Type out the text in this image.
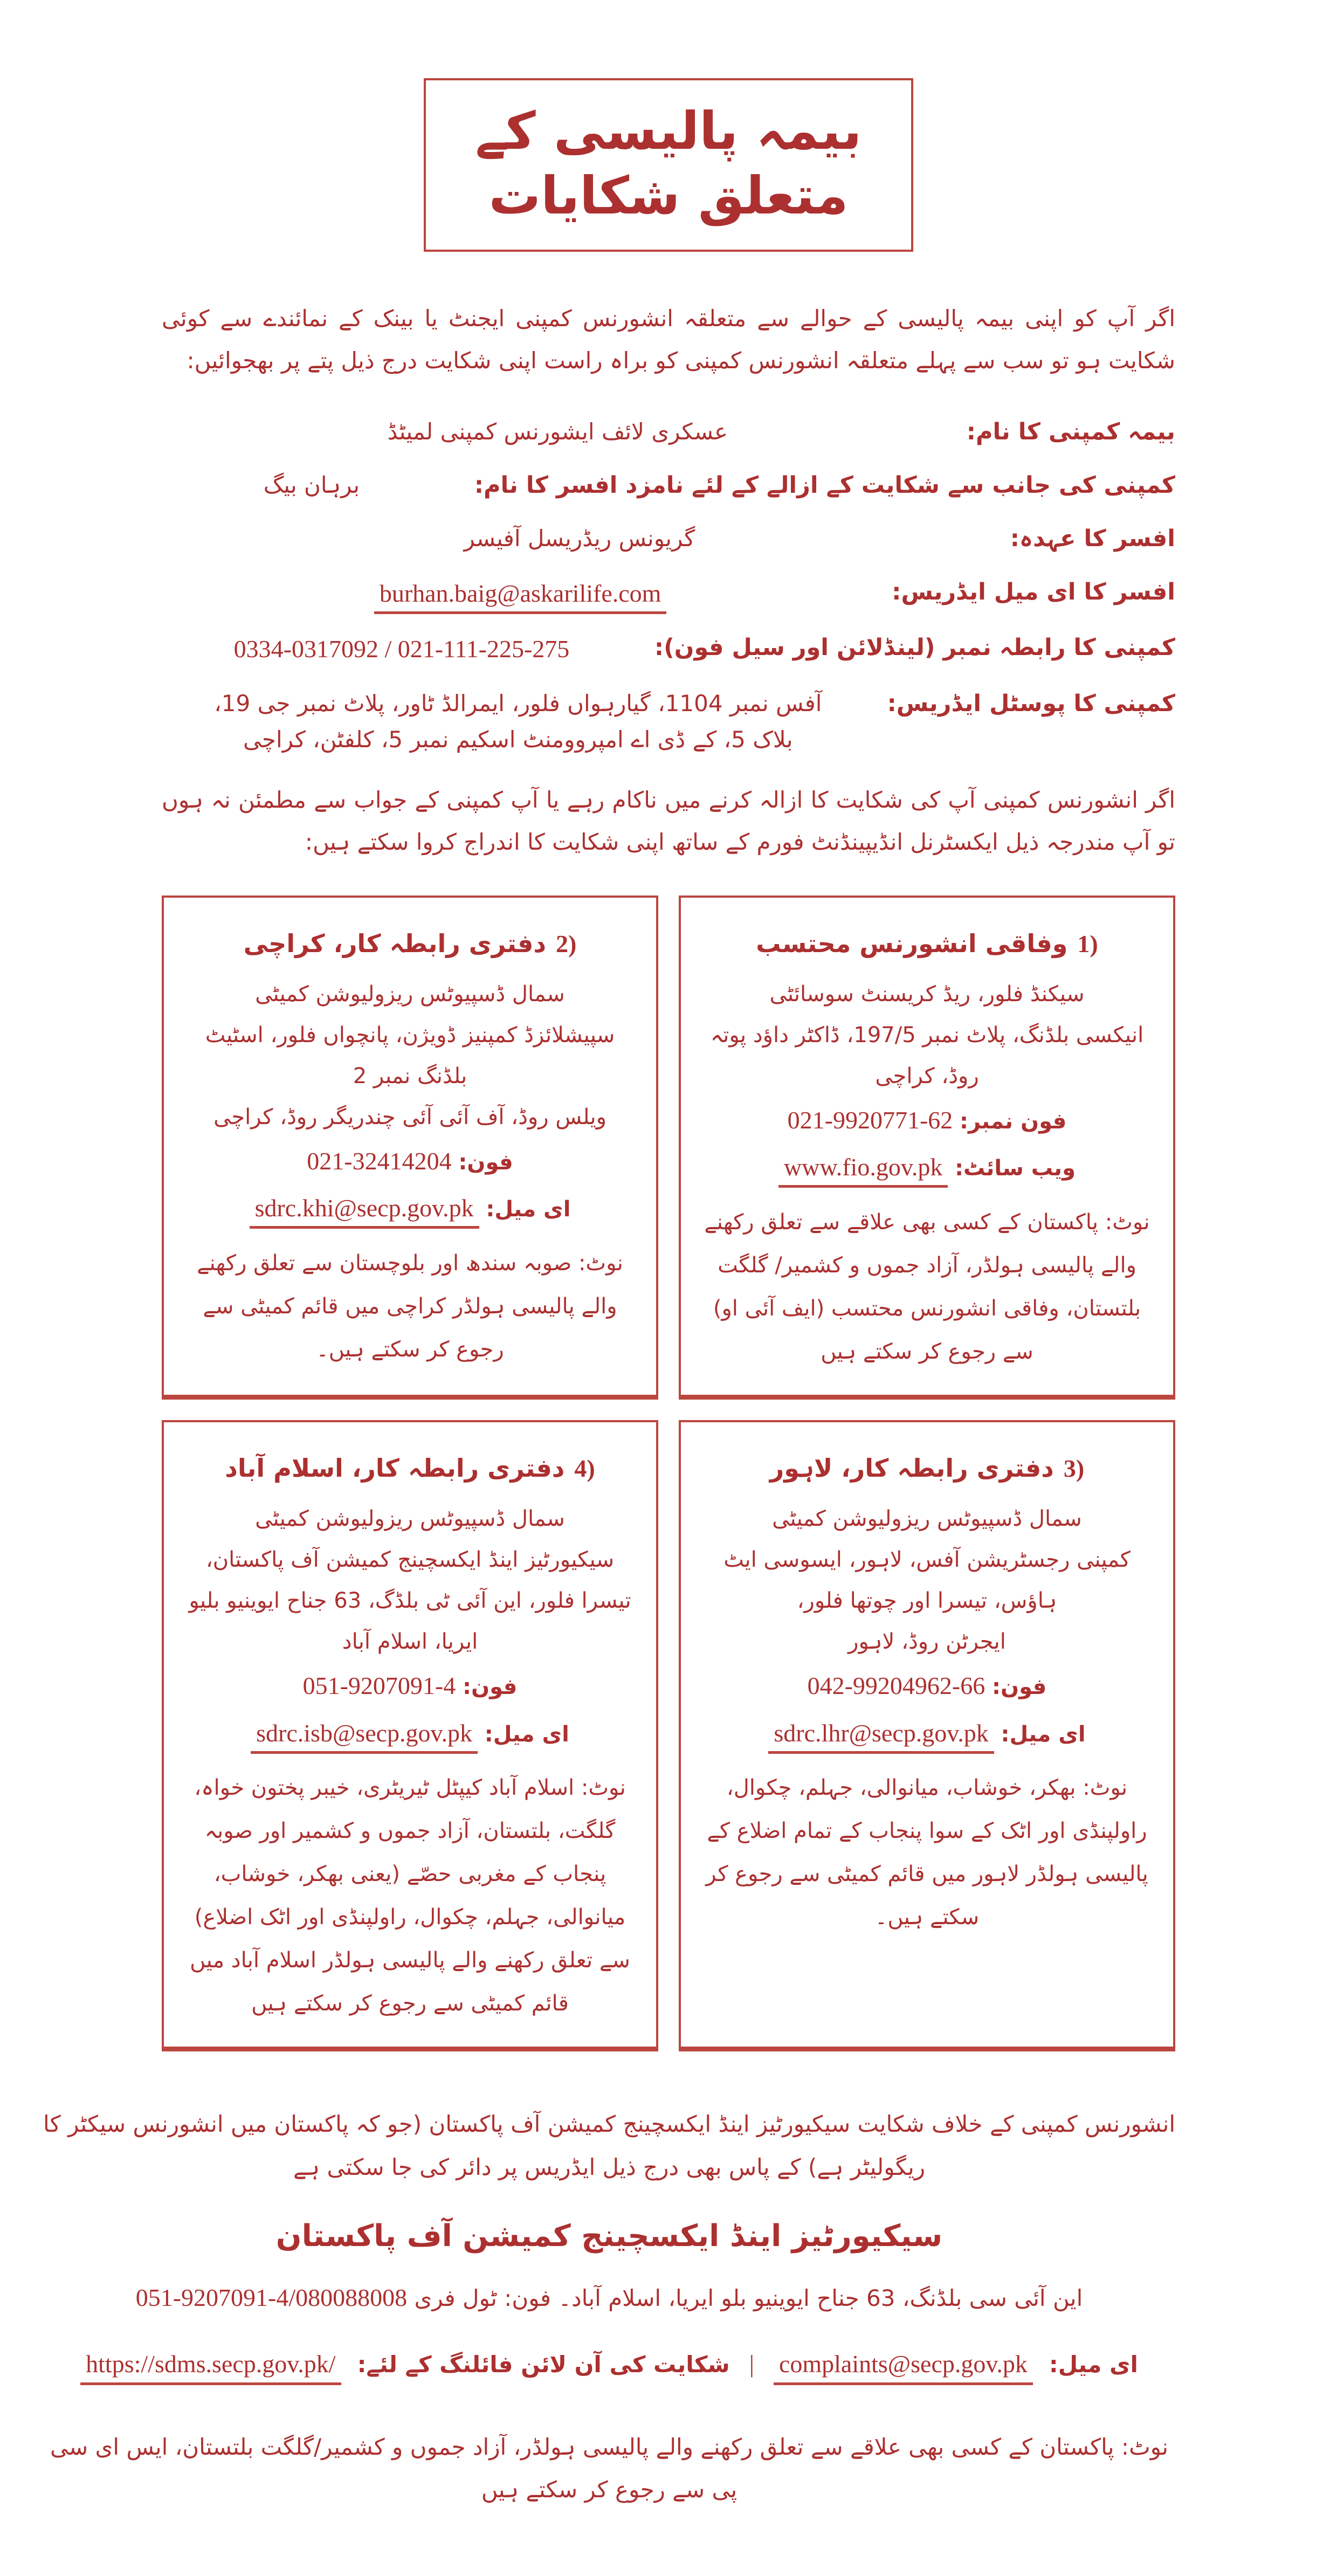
بیمہ پالیسی کے متعلق شکایات

اگر آپ کو اپنی بیمہ پالیسی کے حوالے سے متعلقہ انشورنس کمپنی ایجنٹ یا بینک کے نمائندے سے کوئی شکایت ہو تو سب سے پہلے متعلقہ انشورنس کمپنی کو براہ راست اپنی شکایت درج ذیل پتے پر بھجوائیں:

بیمہ کمپنی کا نام:
عسکری لائف ایشورنس کمپنی لمیٹڈ
کمپنی کی جانب سے شکایت کے ازالے کے لئے نامزد افسر کا نام:
برہان بیگ
افسر کا عہدہ:
گریونس ریڈریسل آفیسر
افسر کا ای میل ایڈریس:
burhan.baig@askarilife.com
کمپنی کا رابطہ نمبر (لینڈلائن اور سیل فون):
0334-0317092 / 021-111-225-275
کمپنی کا پوسٹل ایڈریس:
آفس نمبر 1104، گیارہواں فلور، ایمرالڈ ٹاور، پلاٹ نمبر جی 19،
بلاک 5، کے ڈی اے امپروومنٹ اسکیم نمبر 5، کلفٹن، کراچی

اگر انشورنس کمپنی آپ کی شکایت کا ازالہ کرنے میں ناکام رہے یا آپ کمپنی کے جواب سے مطمئن نہ ہوں تو آپ مندرجہ ذیل ایکسٹرنل انڈیپینڈنٹ فورم کے ساتھ اپنی شکایت کا اندراج کروا سکتے ہیں:

1)وفاقی انشورنس محتسب
سیکنڈ فلور، ریڈ کریسنٹ سوسائٹی
انیکسی بلڈنگ، پلاٹ نمبر 197/5، ڈاکٹر داؤد پوتہ روڈ، کراچی
فون نمبر: 021-9920771-62
ویب سائٹ: www.fio.gov.pk
نوٹ: پاکستان کے کسی بھی علاقے سے تعلق رکھنے والے پالیسی ہولڈر، آزاد جموں و کشمیر/ گلگت بلتستان، وفاقی انشورنس محتسب (ایف آئی او) سے رجوع کر سکتے ہیں
2)دفتری رابطہ کار، کراچی
سمال ڈسپیوٹس ریزولیوشن کمیٹی
سپیشلائزڈ کمپنیز ڈویژن، پانچواں فلور، اسٹیٹ بلڈنگ نمبر 2
ویلس روڈ، آف آئی آئی چندریگر روڈ، کراچی
فون: 021-32414204
ای میل: sdrc.khi@secp.gov.pk
نوٹ: صوبہ سندھ اور بلوچستان سے تعلق رکھنے والے پالیسی ہولڈر کراچی میں قائم کمیٹی سے رجوع کر سکتے ہیں۔
3)دفتری رابطہ کار، لاہور
سمال ڈسپیوٹس ریزولیوشن کمیٹی
کمپنی رجسٹریشن آفس، لاہور، ایسوسی ایٹ ہاؤس، تیسرا اور چوتھا فلور،
ایجرٹن روڈ، لاہور
فون: 042-99204962-66
ای میل: sdrc.lhr@secp.gov.pk
نوٹ: بھکر، خوشاب، میانوالی، جہلم، چکوال، راولپنڈی اور اٹک کے سوا پنجاب کے تمام اضلاع کے پالیسی ہولڈر لاہور میں قائم کمیٹی سے رجوع کر سکتے ہیں۔
4)دفتری رابطہ کار، اسلام آباد
سمال ڈسپیوٹس ریزولیوشن کمیٹی
سیکیورٹیز اینڈ ایکسچینج کمیشن آف پاکستان،
تیسرا فلور، این آئی ٹی بلڈگ، 63 جناح ایوینیو بلیو ایریا، اسلام آباد
فون: 051-9207091-4
ای میل: sdrc.isb@secp.gov.pk
نوٹ: اسلام آباد کیپٹل ٹیریٹری، خیبر پختون خواہ، گلگت، بلتستان، آزاد جموں و کشمیر اور صوبہ پنجاب کے مغربی حصّے (یعنی بھکر، خوشاب، میانوالی، جہلم، چکوال، راولپنڈی اور اٹک اضلاع) سے تعلق رکھنے والے پالیسی ہولڈر اسلام آباد میں قائم کمیٹی سے رجوع کر سکتے ہیں

انشورنس کمپنی کے خلاف شکایت سیکیورٹیز اینڈ ایکسچینج کمیشن آف پاکستان (جو کہ پاکستان میں انشورنس سیکٹر کا ریگولیٹر ہے) کے پاس بھی درج ذیل ایڈریس پر دائر کی جا سکتی ہے

سیکیورٹیز اینڈ ایکسچینج کمیشن آف پاکستان
این آئی سی بلڈنگ، 63 جناح ایوینیو بلو ایریا، اسلام آباد۔ فون: ٹول فری 051-9207091-4/080088008
ای میل:
complaints@secp.gov.pk
|
شکایت کی آن لائن فائلنگ کے لئے:
https://sdms.secp.gov.pk/
نوٹ: پاکستان کے کسی بھی علاقے سے تعلق رکھنے والے پالیسی ہولڈر، آزاد جموں و کشمیر/گلگت بلتستان، ایس ای سی پی سے رجوع کر سکتے ہیں
